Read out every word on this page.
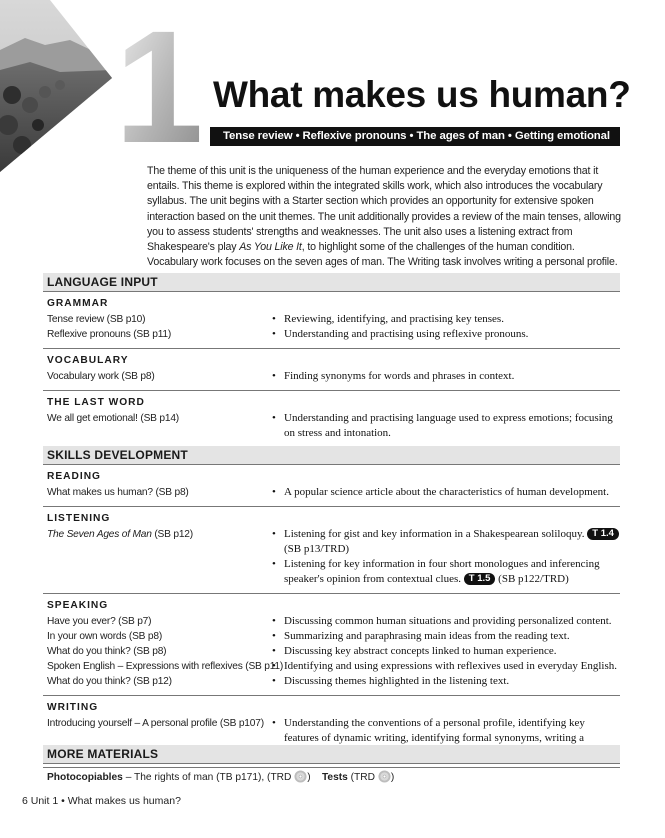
1 What makes us human?
Tense review • Reflexive pronouns • The ages of man • Getting emotional

The theme of this unit is the uniqueness of the human experience and the everyday emotions that it entails. This theme is explored within the integrated skills work, which also introduces the vocabulary syllabus. The unit begins with a Starter section which provides an opportunity for extensive spoken interaction based on the unit themes. The unit additionally provides a review of the main tenses, allowing you to assess students' strengths and weaknesses. The unit also uses a listening extract from Shakespeare's play As You Like It, to highlight some of the challenges of the human condition. Vocabulary work focuses on the seven ages of man. The Writing task involves writing a personal profile.

LANGUAGE INPUT
GRAMMAR
Tense review (SB p10)	• Reviewing, identifying, and practising key tenses.
Reflexive pronouns (SB p11)	• Understanding and practising using reflexive pronouns.
VOCABULARY
Vocabulary work (SB p8)	• Finding synonyms for words and phrases in context.
THE LAST WORD
We all get emotional! (SB p14)	• Understanding and practising language used to express emotions; focusing on stress and intonation.
SKILLS DEVELOPMENT
READING
What makes us human? (SB p8)	• A popular science article about the characteristics of human development.
LISTENING
The Seven Ages of Man (SB p12)	• Listening for gist and key information in a Shakespearean soliloquy. T 1.4
(SB p13/TRD)
• Listening for key information in four short monologues and inferencing speaker's opinion from contextual clues. T 1.5 (SB p122/TRD)
SPEAKING
Have you ever? (SB p7)	• Discussing common human situations and providing personalized content.
In your own words (SB p8)	• Summarizing and paraphrasing main ideas from the reading text.
What do you think? (SB p8)	• Discussing key abstract concepts linked to human experience.
Spoken English – Expressions with reflexives (SB p11) • Identifying and using expressions with reflexives used in everyday English.
What do you think? (SB p12)	• Discussing themes highlighted in the listening text.
WRITING
Introducing yourself – A personal profile (SB p107)	• Understanding the conventions of a personal profile, identifying key features of dynamic writing, identifying formal synonyms, writing a
MORE MATERIALS
Photocopiables – The rights of man (TB p171), (TRD ) Tests (TRD )
6 Unit 1 • What makes us human?
